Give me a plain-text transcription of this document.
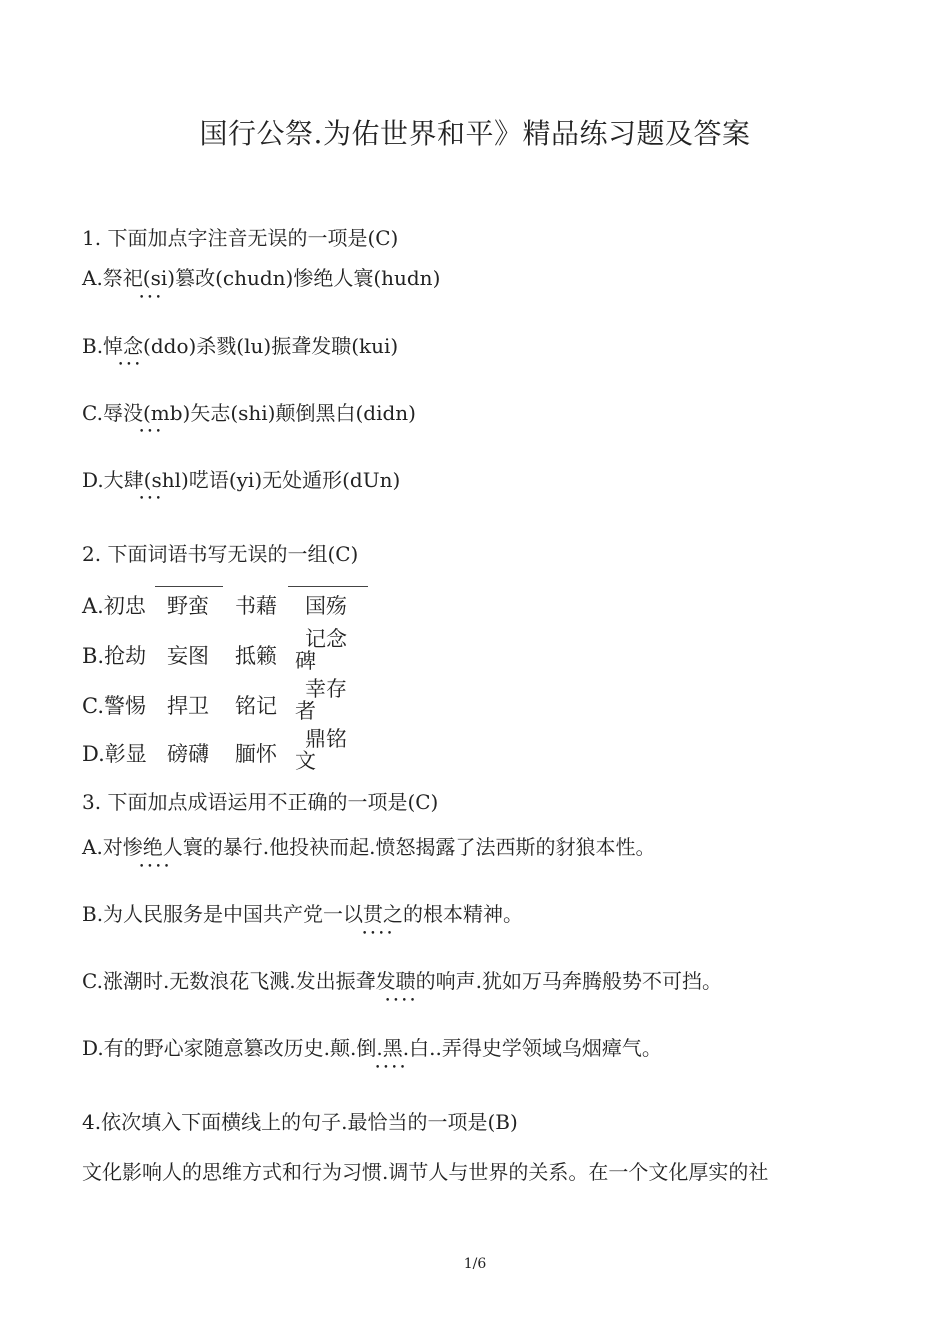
国行公祭.为佑世界和平》精品练习题及答案
1. 下面加点字注音无误的一项是(C)
A.祭祀(si)篡改(chudn)惨绝人寰(hudn)
•••
B.悼念(ddo)杀戮(lu)振聋发聩(kui)
•••
C.辱没(mb)矢志(shi)颠倒黑白(didn)
•••
D.大肆(shl)呓语(yi)无处遁形(dUn)
•••
2. 下面词语书写无误的一组(C)
A.初忠 野蛮 书藉 国殇
B.抢劫 妄图 抵籁
记念碑
C.警惕 捍卫 铭记
幸存者
D.彰显 磅礴 腼怀
鼎铭文
3. 下面加点成语运用不正确的一项是(C)
A.对惨绝人寰的暴行.他投袂而起.愤怒揭露了法西斯的豺狼本性。
••••
B.为人民服务是中国共产党一以贯之的根本精神。
••••
C.涨潮时.无数浪花飞溅.发出振聋发聩的响声.犹如万马奔腾般势不可挡。
••••
D.有的野心家随意篡改历史.颠.倒.黑.白..弄得史学领域乌烟瘴气。
••••
4.依次填入下面横线上的句子.最恰当的一项是(B)
文化影响人的思维方式和行为习惯.调节人与世界的关系。在一个文化厚实的社
1/6
